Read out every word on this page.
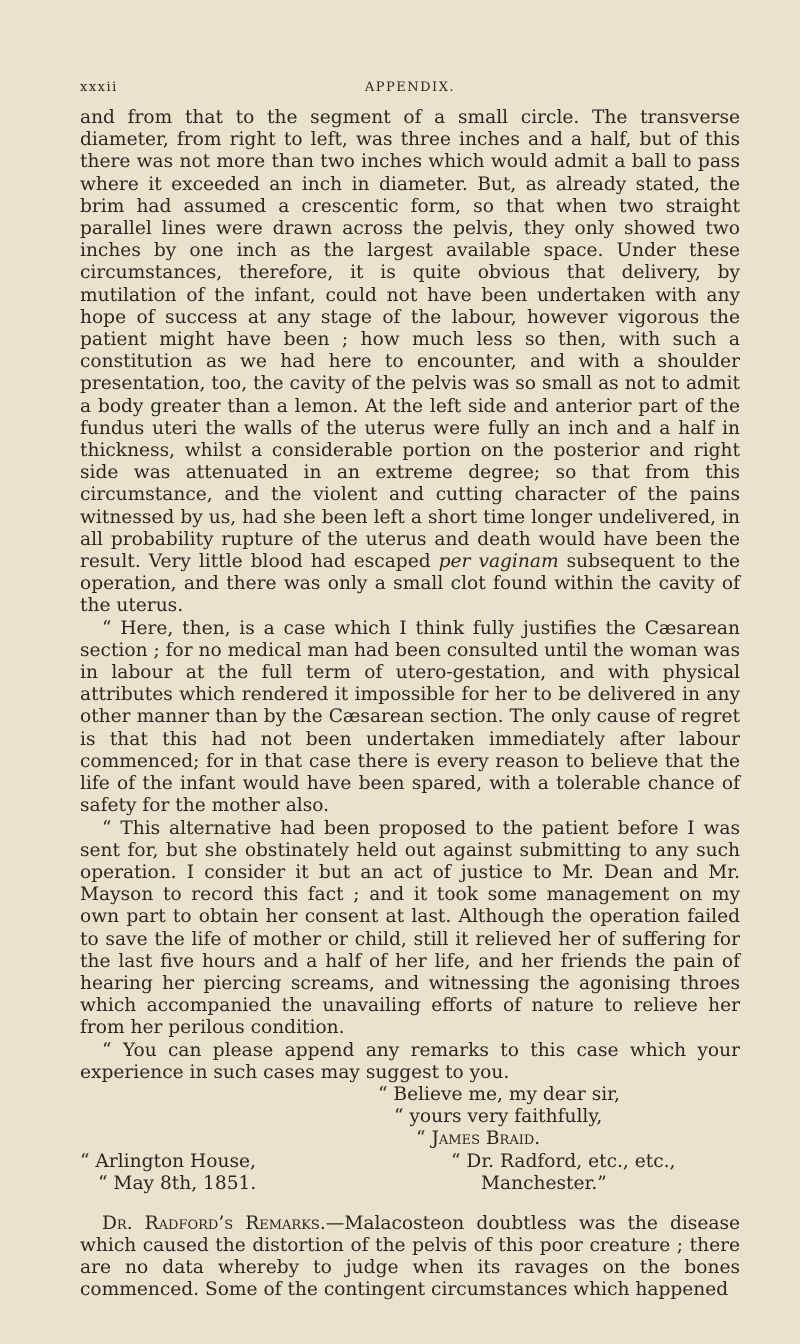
xxxii	APPENDIX.

and from that to the segment of a small circle. The transverse diameter, from right to left, was three inches and a half, but of this there was not more than two inches which would admit a ball to pass where it exceeded an inch in diameter. But, as already stated, the brim had assumed a crescentic form, so that when two straight parallel lines were drawn across the pelvis, they only showed two inches by one inch as the largest available space. Under these circumstances, therefore, it is quite obvious that delivery, by mutilation of the infant, could not have been undertaken with any hope of success at any stage of the labour, however vigorous the patient might have been ; how much less so then, with such a constitution as we had here to encounter, and with a shoulder presentation, too, the cavity of the pelvis was so small as not to admit a body greater than a lemon. At the left side and anterior part of the fundus uteri the walls of the uterus were fully an inch and a half in thickness, whilst a considerable portion on the posterior and right side was attenuated in an extreme degree; so that from this circumstance, and the violent and cutting character of the pains witnessed by us, had she been left a short time longer undelivered, in all probability rupture of the uterus and death would have been the result. Very little blood had escaped per vaginam subsequent to the operation, and there was only a small clot found within the cavity of the uterus.

“ Here, then, is a case which I think fully justifies the Cæsarean section ; for no medical man had been consulted until the woman was in labour at the full term of utero-gestation, and with physical attributes which rendered it impossible for her to be delivered in any other manner than by the Cæsarean section. The only cause of regret is that this had not been undertaken immediately after labour commenced; for in that case there is every reason to believe that the life of the infant would have been spared, with a tolerable chance of safety for the mother also.

“ This alternative had been proposed to the patient before I was sent for, but she obstinately held out against submitting to any such operation. I consider it but an act of justice to Mr. Dean and Mr. Mayson to record this fact ; and it took some management on my own part to obtain her consent at last. Although the operation failed to save the life of mother or child, still it relieved her of suffering for the last five hours and a half of her life, and her friends the pain of hearing her piercing screams, and witnessing the agonising throes which accompanied the unavailing efforts of nature to relieve her from her perilous condition.

“ You can please append any remarks to this case which your experience in such cases may suggest to you.

“ Believe me, my dear sir,
“ yours very faithfully,
“ James Braid.
“ Arlington House,
“ May 8th, 1851.
“ Dr. Radford, etc., etc.,
Manchester.”

Dr. Radford’s Remarks.—Malacosteon doubtless was the disease which caused the distortion of the pelvis of this poor creature ; there are no data whereby to judge when its ravages on the bones commenced. Some of the contingent circumstances which happened
